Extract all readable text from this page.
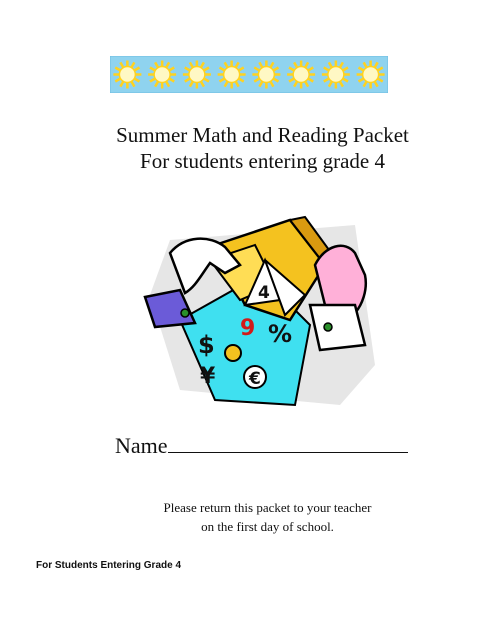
Summer Math and Reading Packet
For students entering grade 4
4
%
$
¥ €
9
Name
Please return this packet to your teacher
on the first day of school.
For Students Entering Grade 4
